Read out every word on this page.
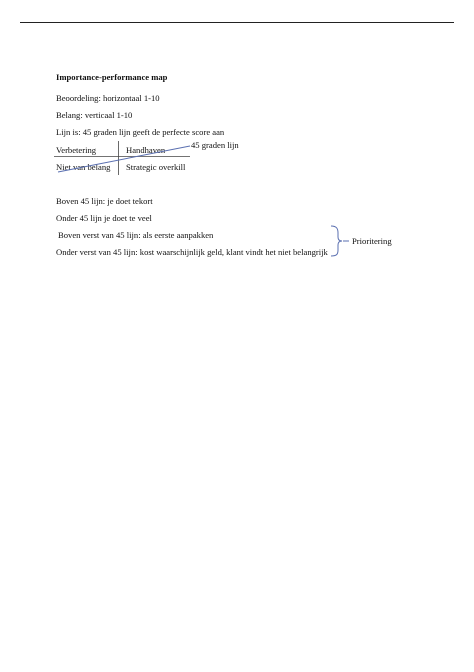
Importance-performance map
Beoordeling: horizontaal 1-10
Belang: verticaal 1-10
Lijn is: 45 graden lijn geeft de perfecte score aan
Verbetering	Handhaven	45 graden lijn
Niet van belang Strategic overkill
Boven 45 lijn: je doet tekort
Onder 45 lijn je doet te veel
Boven verst van 45 lijn: als eerste aanpakken
Onder verst van 45 lijn: kost waarschijnlijk geld, klant vindt het niet belangrijk
Prioritering
